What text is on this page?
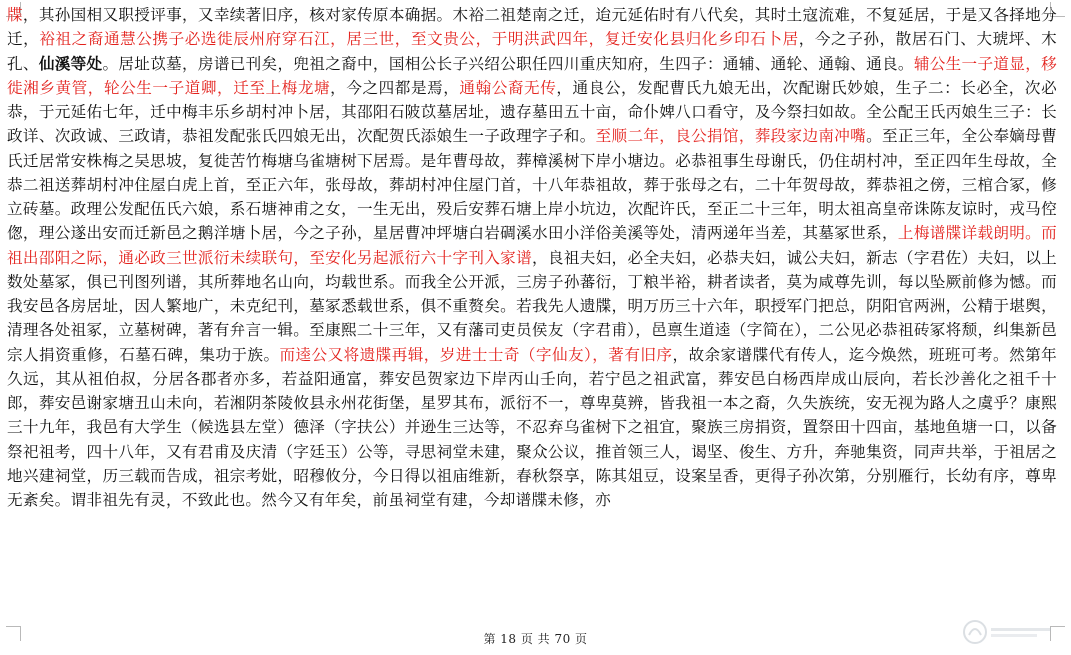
牒，其孙国相又职授评事，又幸续著旧序，核对家传原本确据。木裕二祖楚南之迁，迨元延佑时有八代矣，其时土寇流难，不复延居，于是又各择地分迁，裕祖之裔通慧公携子必选徙辰州府穿石江，居三世，至文贵公，于明洪武四年，复迁安化县归化乡印石卜居，今之子孙，散居石门、大琥坪、木孔、仙溪等处。居址苡墓，房谱已刊矣，兜祖之裔中，国相公长子兴绍公职任四川重庆知府，生四子：通辅、通轮、通翰、通良。辅公生一子道显，移徙湘乡黄管，轮公生一子道卿，迁至上梅龙塘，今之四都是焉，通翰公裔无传，通良公，发配曹氏九娘无出，次配谢氏妙娘，生子二：长必全，次必恭，于元延佑七年，迁中梅丰乐乡胡村冲卜居，其邵阳石陂苡墓居址，遗存墓田五十亩，命仆婢八口看守，及今祭扫如故。全公配王氏丙娘生三子：长政详、次政诚、三政请，恭祖发配张氏四娘无出，次配贺氏添娘生一子政理字子和。至顺二年，良公捐馆，葬段家边南冲嘴。至正三年，全公奉嫡母曹氏迁居常安株梅之吴思坡，复徙苦竹梅塘乌雀塘树下居焉。是年曹母故，葬樟溪树下岸小塘边。必恭祖事生母谢氏，仍住胡村冲，至正四年生母故，全恭二祖送葬胡村冲住屋白虎上首，至正六年，张母故，葬胡村冲住屋门首，十八年恭祖故，葬于张母之右，二十年贺母故，葬恭祖之傍，三棺合冢，修立砖墓。政理公发配伍氏六娘，系石塘神甫之女，一生无出，殁后安葬石塘上岸小坑边，次配许氏，至正二十三年，明太祖高皇帝诛陈友谅时，戎马倥偬，理公遂出安而迁新邑之鹅洋塘卜居，今之子孙，星居曹冲坪塘白岩碉溪水田小洋俗美溪等处，清两递年当差，其墓冢世系，上梅谱牒详载朗明。而祖出邵阳之际，通必政三世派衍未续联句，至安化另起派衍六十字刊入家谱，良祖夫妇，必全夫妇，必恭夫妇，诚公夫妇，新志（字君佐）夫妇，以上数处墓冢，俱已刊图列谱，其所葬地名山向，均载世系。而我全公开派，三房子孙蕃衍，丁粮半裕，耕者读者，莫为咸尊先训，每以坠厥前修为憾。而我安邑各房居址，因人繁地广，未克纪刊，墓冢悉载世系，俱不重赘矣。若我先人遗牒，明万历三十六年，职授军门把总，阴阳官两洲，公精于堪舆，清理各处祖冢，立墓树碑，著有弁言一辑。至康熙二十三年，又有藩司吏员侯友（字君甫），邑禀生道逵（字简在），二公见必恭祖砖冢将颓，纠集新邑宗人捐资重修，石墓石碑，集功于族。而逵公又将遗牒再辑，岁进士士奇（字仙友），著有旧序，故余家谱牒代有传人，迄今焕然，班班可考。然第年久远，其从祖伯叔，分居各郡者亦多，若益阳通富，葬安邑贺家边下岸丙山壬向，若宁邑之祖武富，葬安邑白杨西岸成山辰向，若长沙善化之祖千十郎，葬安邑谢家塘丑山未向，若湘阴茶陵攸县永州花街堡，星罗其布，派衍不一，尊卑莫辨，皆我祖一本之裔，久失族统，安无视为路人之虞乎？康熙三十九年，我邑有大学生（候选县左堂）德泽（字扶公）并逊生三达等，不忍弃乌雀树下之祖宜，聚族三房捐资，置祭田十四亩，基地鱼塘一口，以备祭祀祖考，四十八年，又有君甫及庆清（字廷玉）公等，寻思祠堂未建，聚众公议，推首领三人，谒坚、俊生、方升，奔驰集资，同声共举，于祖居之地兴建祠堂，历三载而告成，祖宗考妣，昭穆攸分，今日得以祖庙维新，春秋祭享，陈其俎豆，设案呈香，更得子孙次第，分别雁行，长幼有序，尊卑无紊矣。谓非祖先有灵，不致此也。然今又有年矣，前虽祠堂有建，今却谱牒未修，亦
第 18 页 共 70 页
